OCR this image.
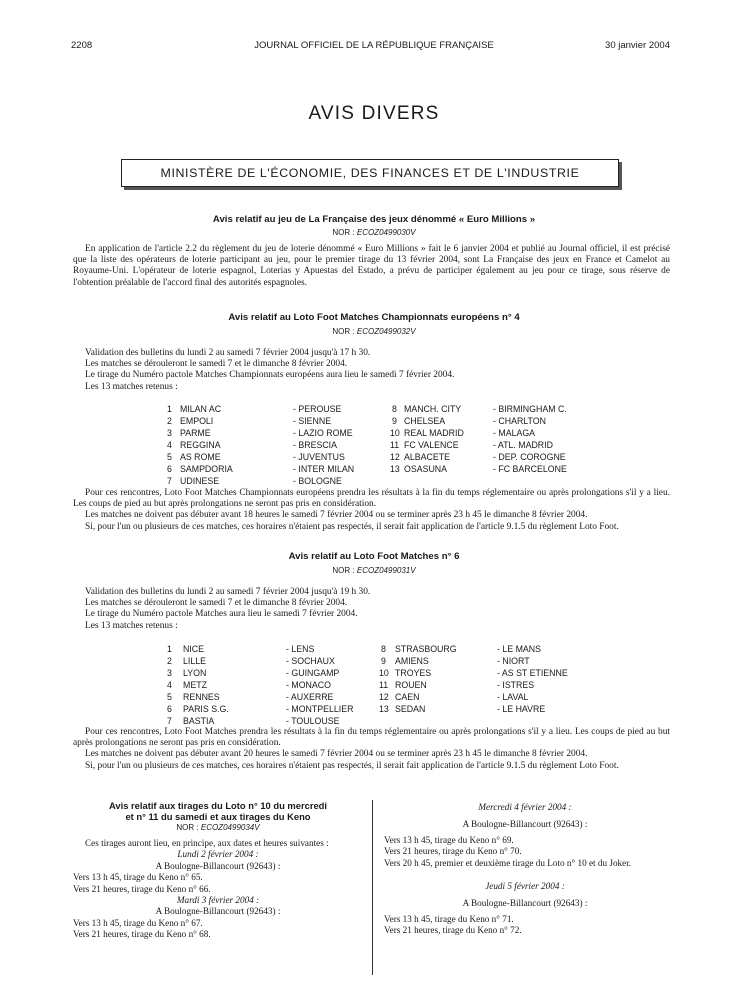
2208	JOURNAL OFFICIEL DE LA RÉPUBLIQUE FRANÇAISE	30 janvier 2004
AVIS DIVERS
MINISTÈRE DE L'ÉCONOMIE, DES FINANCES ET DE L'INDUSTRIE
Avis relatif au jeu de La Française des jeux dénommé « Euro Millions »
NOR : ECOZ0499030V

En application de l'article 2.2 du règlement du jeu de loterie dénommé « Euro Millions » fait le 6 janvier 2004 et publié au Journal officiel, il est précisé que la liste des opérateurs de loterie participant au jeu, pour le premier tirage du 13 février 2004, sont La Française des jeux en France et Camelot au Royaume-Uni. L'opérateur de loterie espagnol, Loterias y Apuestas del Estado, a prévu de participer également au jeu pour ce tirage, sous réserve de l'obtention préalable de l'accord final des autorités espagnoles.

Avis relatif au Loto Foot Matches Championnats européens n° 4
NOR : ECOZ0499032V

Validation des bulletins du lundi 2 au samedi 7 février 2004 jusqu'à 17 h 30.

Les matches se dérouleront le samedi 7 et le dimanche 8 février 2004.

Le tirage du Numéro pactole Matches Championnats européens aura lieu le samedi 7 février 2004.

Les 13 matches retenus :

1 MILAN AC	- PEROUSE	8 MANCH. CITY	- BIRMINGHAM C.
2 EMPOLI	- SIENNE	9 CHELSEA	- CHARLTON
3 PARME	- LAZIO ROME	10 REAL MADRID	- MALAGA
4 REGGINA	- BRESCIA	11 FC VALENCE	- ATL. MADRID
5 AS ROME	- JUVENTUS	12 ALBACETE	- DEP. COROGNE
6 SAMPDORIA	- INTER MILAN	13 OSASUNA	- FC BARCELONE
7 UDINESE	- BOLOGNE

Pour ces rencontres, Loto Foot Matches Championnats européens prendra les résultats à la fin du temps réglementaire ou après prolongations s'il y a lieu. Les coups de pied au but après prolongations ne seront pas pris en considération.

Les matches ne doivent pas débuter avant 18 heures le samedi 7 février 2004 ou se terminer après 23 h 45 le dimanche 8 février 2004.

Si, pour l'un ou plusieurs de ces matches, ces horaires n'étaient pas respectés, il serait fait application de l'article 9.1.5 du règlement Loto Foot.

Avis relatif au Loto Foot Matches n° 6
NOR : ECOZ0499031V

Validation des bulletins du lundi 2 au samedi 7 février 2004 jusqu'à 19 h 30.

Les matches se dérouleront le samedi 7 et le dimanche 8 février 2004.

Le tirage du Numéro pactole Matches aura lieu le samedi 7 février 2004.

Les 13 matches retenus :

1 NICE	- LENS	8 STRASBOURG	- LE MANS
2 LILLE	- SOCHAUX	9 AMIENS	- NIORT
3 LYON	- GUINGAMP	10 TROYES	- AS ST ETIENNE
4 METZ	- MONACO	11 ROUEN	- ISTRES
5 RENNES	- AUXERRE	12 CAEN	- LAVAL
6 PARIS S.G.	- MONTPELLIER	13 SEDAN	- LE HAVRE
7 BASTIA	- TOULOUSE

Pour ces rencontres, Loto Foot Matches prendra les résultats à la fin du temps réglementaire ou après prolongations s'il y a lieu. Les coups de pied au but après prolongations ne seront pas pris en considération.

Les matches ne doivent pas débuter avant 20 heures le samedi 7 février 2004 ou se terminer après 23 h 45 le dimanche 8 février 2004.

Si, pour l'un ou plusieurs de ces matches, ces horaires n'étaient pas respectés, il serait fait application de l'article 9.1.5 du règlement Loto Foot.

Avis relatif aux tirages du Loto n° 10 du mercredi
et n° 11 du samedi et aux tirages du Keno
NOR : ECOZ0499034V

Ces tirages auront lieu, en principe, aux dates et heures suivantes :

Lundi 2 février 2004 :

A Boulogne-Billancourt (92643) :

Vers 13 h 45, tirage du Keno n° 65.

Vers 21 heures, tirage du Keno n° 66.

Mardi 3 février 2004 :

A Boulogne-Billancourt (92643) :

Vers 13 h 45, tirage du Keno n° 67.

Vers 21 heures, tirage du Keno n° 68.

Mercredi 4 février 2004 :

A Boulogne-Billancourt (92643) :

Vers 13 h 45, tirage du Keno n° 69.

Vers 21 heures, tirage du Keno n° 70.

Vers 20 h 45, premier et deuxième tirage du Loto n° 10 et du Joker.

Jeudi 5 février 2004 :

A Boulogne-Billancourt (92643) :

Vers 13 h 45, tirage du Keno n° 71.

Vers 21 heures, tirage du Keno n° 72.
